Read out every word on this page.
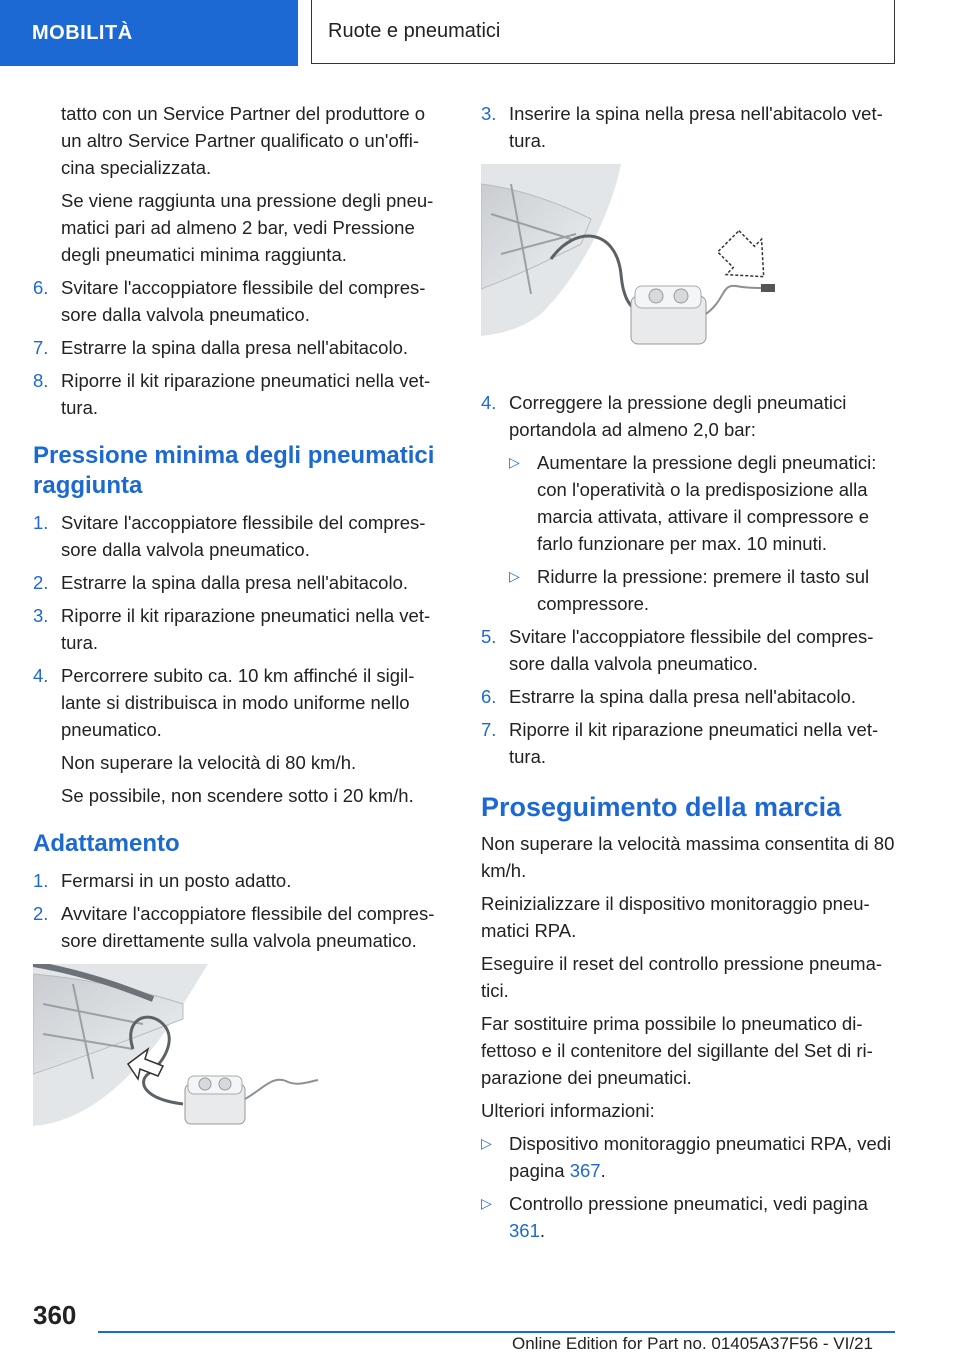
MOBILITÀ	Ruote e pneumatici

tatto con un Service Partner del produttore o un altro Service Partner qualificato o un'officina specializzata.

Se viene raggiunta una pressione degli pneumatici pari ad almeno 2 bar, vedi Pressione degli pneumatici minima raggiunta.

6. Svitare l'accoppiatore flessibile del compressore dalla valvola pneumatico.
7. Estrarre la spina dalla presa nell'abitacolo.
8. Riporre il kit riparazione pneumatici nella vettura.
Pressione minima degli pneumatici raggiunta
1. Svitare l'accoppiatore flessibile del compressore dalla valvola pneumatico.
2. Estrarre la spina dalla presa nell'abitacolo.
3. Riporre il kit riparazione pneumatici nella vettura.
4. Percorrere subito ca. 10 km affinché il sigillante si distribuisca in modo uniforme nello pneumatico.

Non superare la velocità di 80 km/h.

Se possibile, non scendere sotto i 20 km/h.

Adattamento
1. Fermarsi in un posto adatto.
2. Avvitare l'accoppiatore flessibile del compressore direttamente sulla valvola pneumatico.
3. Inserire la spina nella presa nell'abitacolo vettura.
4. Correggere la pressione degli pneumatici portandola ad almeno 2,0 bar:
▷ Aumentare la pressione degli pneumatici: con l'operatività o la predisposizione alla marcia attivata, attivare il compressore e farlo funzionare per max. 10 minuti.
▷ Ridurre la pressione: premere il tasto sul compressore.
5. Svitare l'accoppiatore flessibile del compressore dalla valvola pneumatico.
6. Estrarre la spina dalla presa nell'abitacolo.
7. Riporre il kit riparazione pneumatici nella vettura.
Proseguimento della marcia

Non superare la velocità massima consentita di 80 km/h.

Reinizializzare il dispositivo monitoraggio pneumatici RPA.

Eseguire il reset del controllo pressione pneumatici.

Far sostituire prima possibile lo pneumatico difettoso e il contenitore del sigillante del Set di riparazione dei pneumatici.

Ulteriori informazioni:

▷ Dispositivo monitoraggio pneumatici RPA, vedi pagina 367.
▷ Controllo pressione pneumatici, vedi pagina 361.
360
Online Edition for Part no. 01405A37F56 - VI/21
